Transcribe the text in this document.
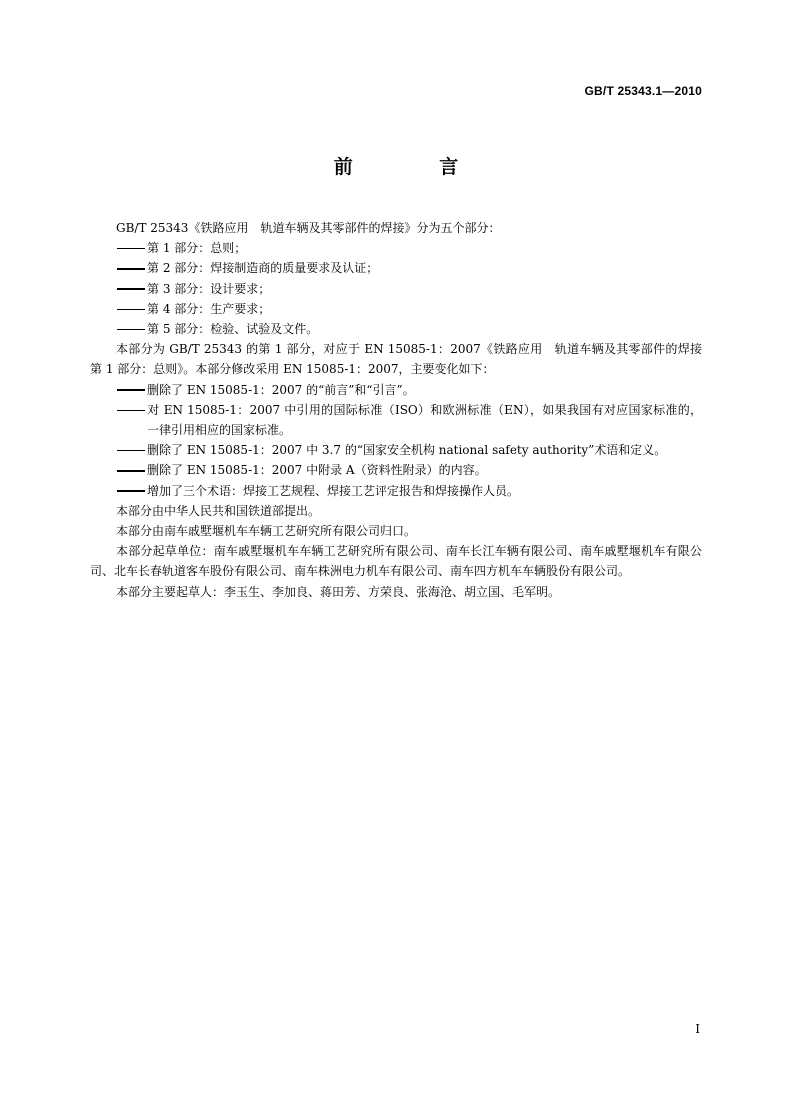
GB/T 25343.1—2010
前 言

GB/T 25343《铁路应用　轨道车辆及其零部件的焊接》分为五个部分：

第 1 部分：总则；

第 2 部分：焊接制造商的质量要求及认证；

第 3 部分：设计要求；

第 4 部分：生产要求；

第 5 部分：检验、试验及文件。

本部分为 GB/T 25343 的第 1 部分，对应于 EN 15085-1：2007《铁路应用　轨道车辆及其零部件的焊接　第 1 部分：总则》。本部分修改采用 EN 15085-1：2007，主要变化如下：

删除了 EN 15085-1：2007 的“前言”和“引言”。

对 EN 15085-1：2007 中引用的国际标准（ISO）和欧洲标准（EN），如果我国有对应国家标准的，一律引用相应的国家标准。

删除了 EN 15085-1：2007 中 3.7 的“国家安全机构 national safety authority”术语和定义。

删除了 EN 15085-1：2007 中附录 A（资料性附录）的内容。

增加了三个术语：焊接工艺规程、焊接工艺评定报告和焊接操作人员。

本部分由中华人民共和国铁道部提出。

本部分由南车戚墅堰机车车辆工艺研究所有限公司归口。

本部分起草单位：南车戚墅堰机车车辆工艺研究所有限公司、南车长江车辆有限公司、南车戚墅堰机车有限公司、北车长春轨道客车股份有限公司、南车株洲电力机车有限公司、南车四方机车车辆股份有限公司。

本部分主要起草人：李玉生、李加良、蒋田芳、方荣良、张海沧、胡立国、毛军明。

I
